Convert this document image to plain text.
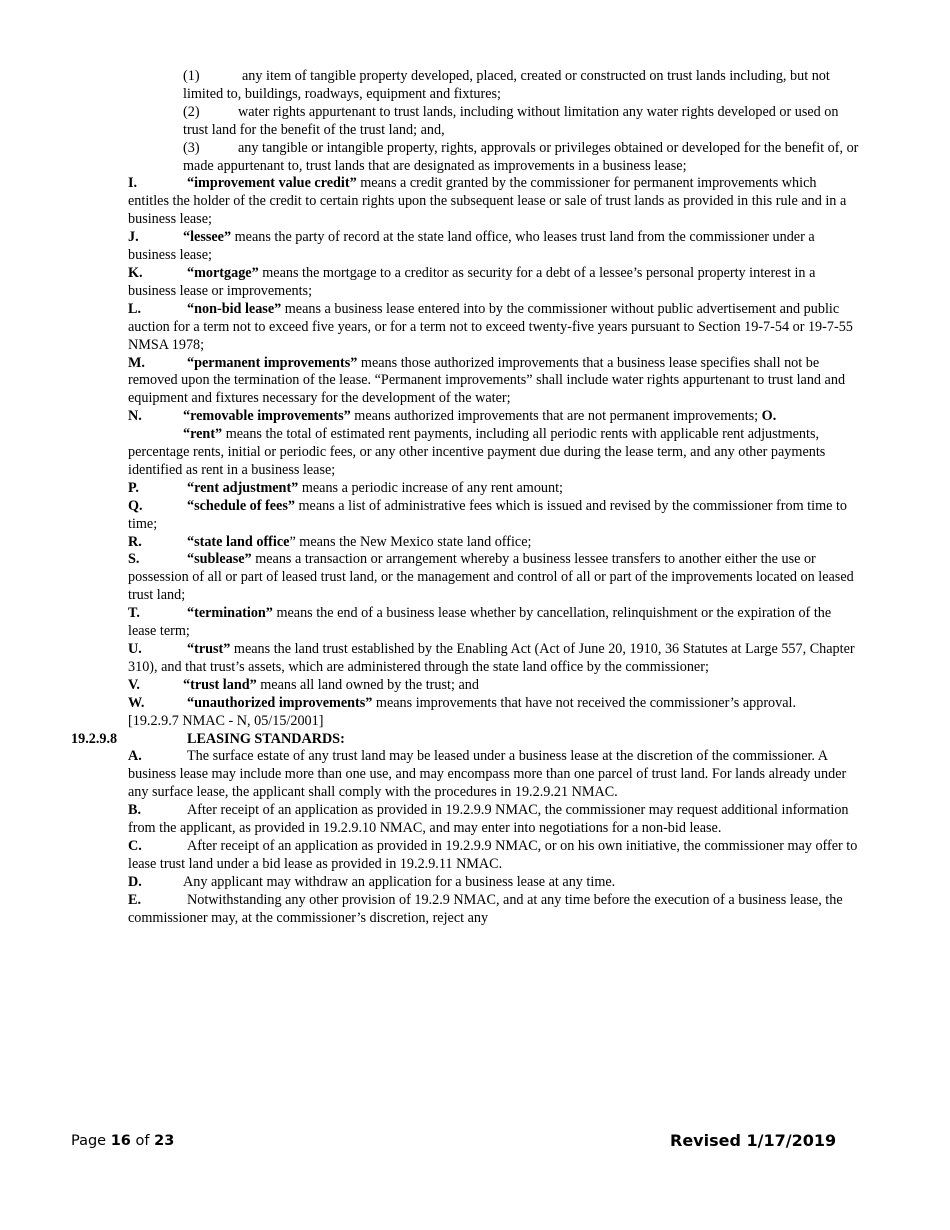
(1)	any item of tangible property developed, placed, created or constructed on trust lands including, but not limited to, buildings, roadways, equipment and fixtures;
(2)	water rights appurtenant to trust lands, including without limitation any water rights developed or used on trust land for the benefit of the trust land; and,
(3)	any tangible or intangible property, rights, approvals or privileges obtained or developed for the benefit of, or made appurtenant to, trust lands that are designated as improvements in a business lease;
I.	“improvement value credit” means a credit granted by the commissioner for permanent improvements which entitles the holder of the credit to certain rights upon the subsequent lease or sale of trust lands as provided in this rule and in a business lease;
J.	“lessee” means the party of record at the state land office, who leases trust land from the commissioner under a business lease;
K.	“mortgage” means the mortgage to a creditor as security for a debt of a lessee’s personal property interest in a business lease or improvements;
L.	“non-bid lease” means a business lease entered into by the commissioner without public advertisement and public auction for a term not to exceed five years, or for a term not to exceed twenty-five years pursuant to Section 19-7-54 or 19-7-55 NMSA 1978;
M.	“permanent improvements” means those authorized improvements that a business lease specifies shall not be removed upon the termination of the lease. “Permanent improvements” shall include water rights appurtenant to trust land and equipment and fixtures necessary for the development of the water;
N.	“removable improvements” means authorized improvements that are not permanent improvements; O.
“rent” means the total of estimated rent payments, including all periodic rents with applicable rent adjustments, percentage rents, initial or periodic fees, or any other incentive payment due during the lease term, and any other payments identified as rent in a business lease;
P.	“rent adjustment” means a periodic increase of any rent amount;
Q.	“schedule of fees” means a list of administrative fees which is issued and revised by the commissioner from time to time;
R.	“state land office” means the New Mexico state land office;
S.	“sublease” means a transaction or arrangement whereby a business lessee transfers to another either the use or possession of all or part of leased trust land, or the management and control of all or part of the improvements located on leased trust land;
T.	“termination” means the end of a business lease whether by cancellation, relinquishment or the expiration of the lease term;
U.	“trust” means the land trust established by the Enabling Act (Act of June 20, 1910, 36 Statutes at Large 557, Chapter 310), and that trust’s assets, which are administered through the state land office by the commissioner;
V.	“trust land” means all land owned by the trust; and
W.	“unauthorized improvements” means improvements that have not received the commissioner’s approval.
[19.2.9.7 NMAC - N, 05/15/2001]
19.2.9.8	LEASING STANDARDS:
A.	The surface estate of any trust land may be leased under a business lease at the discretion of the commissioner. A business lease may include more than one use, and may encompass more than one parcel of trust land. For lands already under any surface lease, the applicant shall comply with the procedures in 19.2.9.21 NMAC.
B.	After receipt of an application as provided in 19.2.9.9 NMAC, the commissioner may request additional information from the applicant, as provided in 19.2.9.10 NMAC, and may enter into negotiations for a non-bid lease.
C.	After receipt of an application as provided in 19.2.9.9 NMAC, or on his own initiative, the commissioner may offer to lease trust land under a bid lease as provided in 19.2.9.11 NMAC.
D.	Any applicant may withdraw an application for a business lease at any time.
E.	Notwithstanding any other provision of 19.2.9 NMAC, and at any time before the execution of a business lease, the commissioner may, at the commissioner’s discretion, reject any
Page 16 of 23	Revised 1/17/2019
